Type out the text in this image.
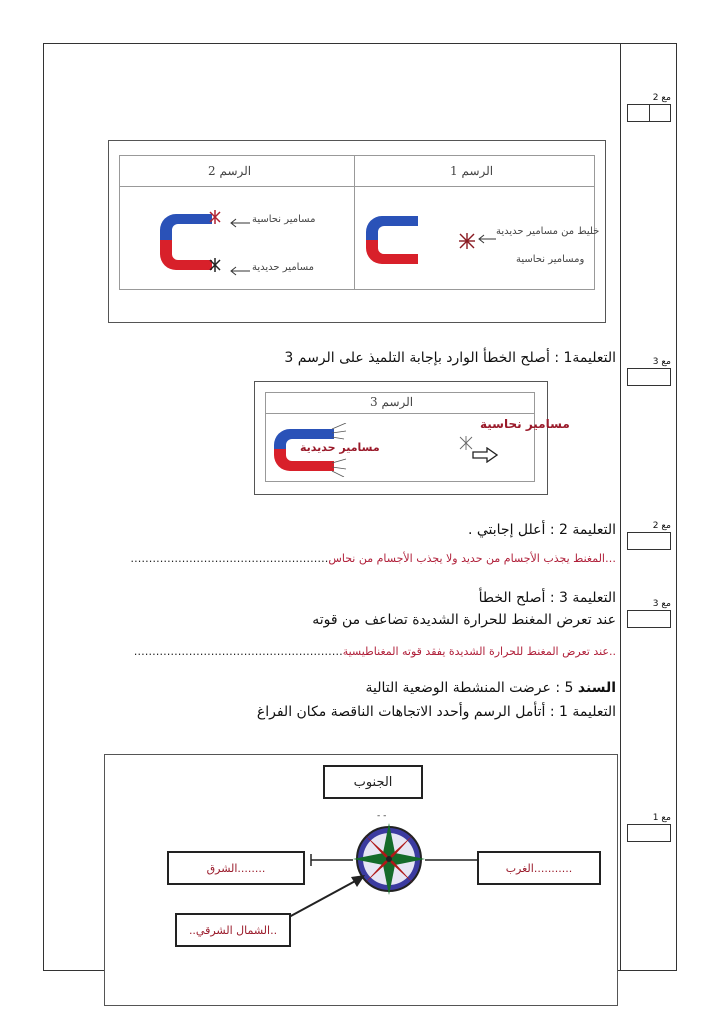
مع 2
مع 3
مع 2
مع 3
مع 1
الرسم 1
الرسم 2
خليط من مسامير حديدية
ومسامير نحاسية
مسامير نحاسية
مسامير حديدية
التعليمة1 : أصلح الخطأ الوارد بإجابة التلميذ على الرسم 3
الرسم 3
مسامير حديدية
مسامير نحاسية
التعليمة 2 : أعلل إجابتي .
…المغنط يجذب الأجسام من حديد ولا يجذب الأجسام من نحاس………………………………………………
التعليمة 3 : أصلح الخطأ
عند تعرض المغنط للحرارة الشديدة تضاعف من قوته
..عند تعرض المغنط للحرارة الشديدة يفقد قوته المغناطيسية…………………………………………………
السند 5 : عرضت المنشطة الوضعية التالية
التعليمة 1 : أتأمل الرسم وأحدد الاتجاهات الناقصة مكان الفراغ
الجنوب
- -
........الشرق	...........الغرب
..الشمال الشرقي..
